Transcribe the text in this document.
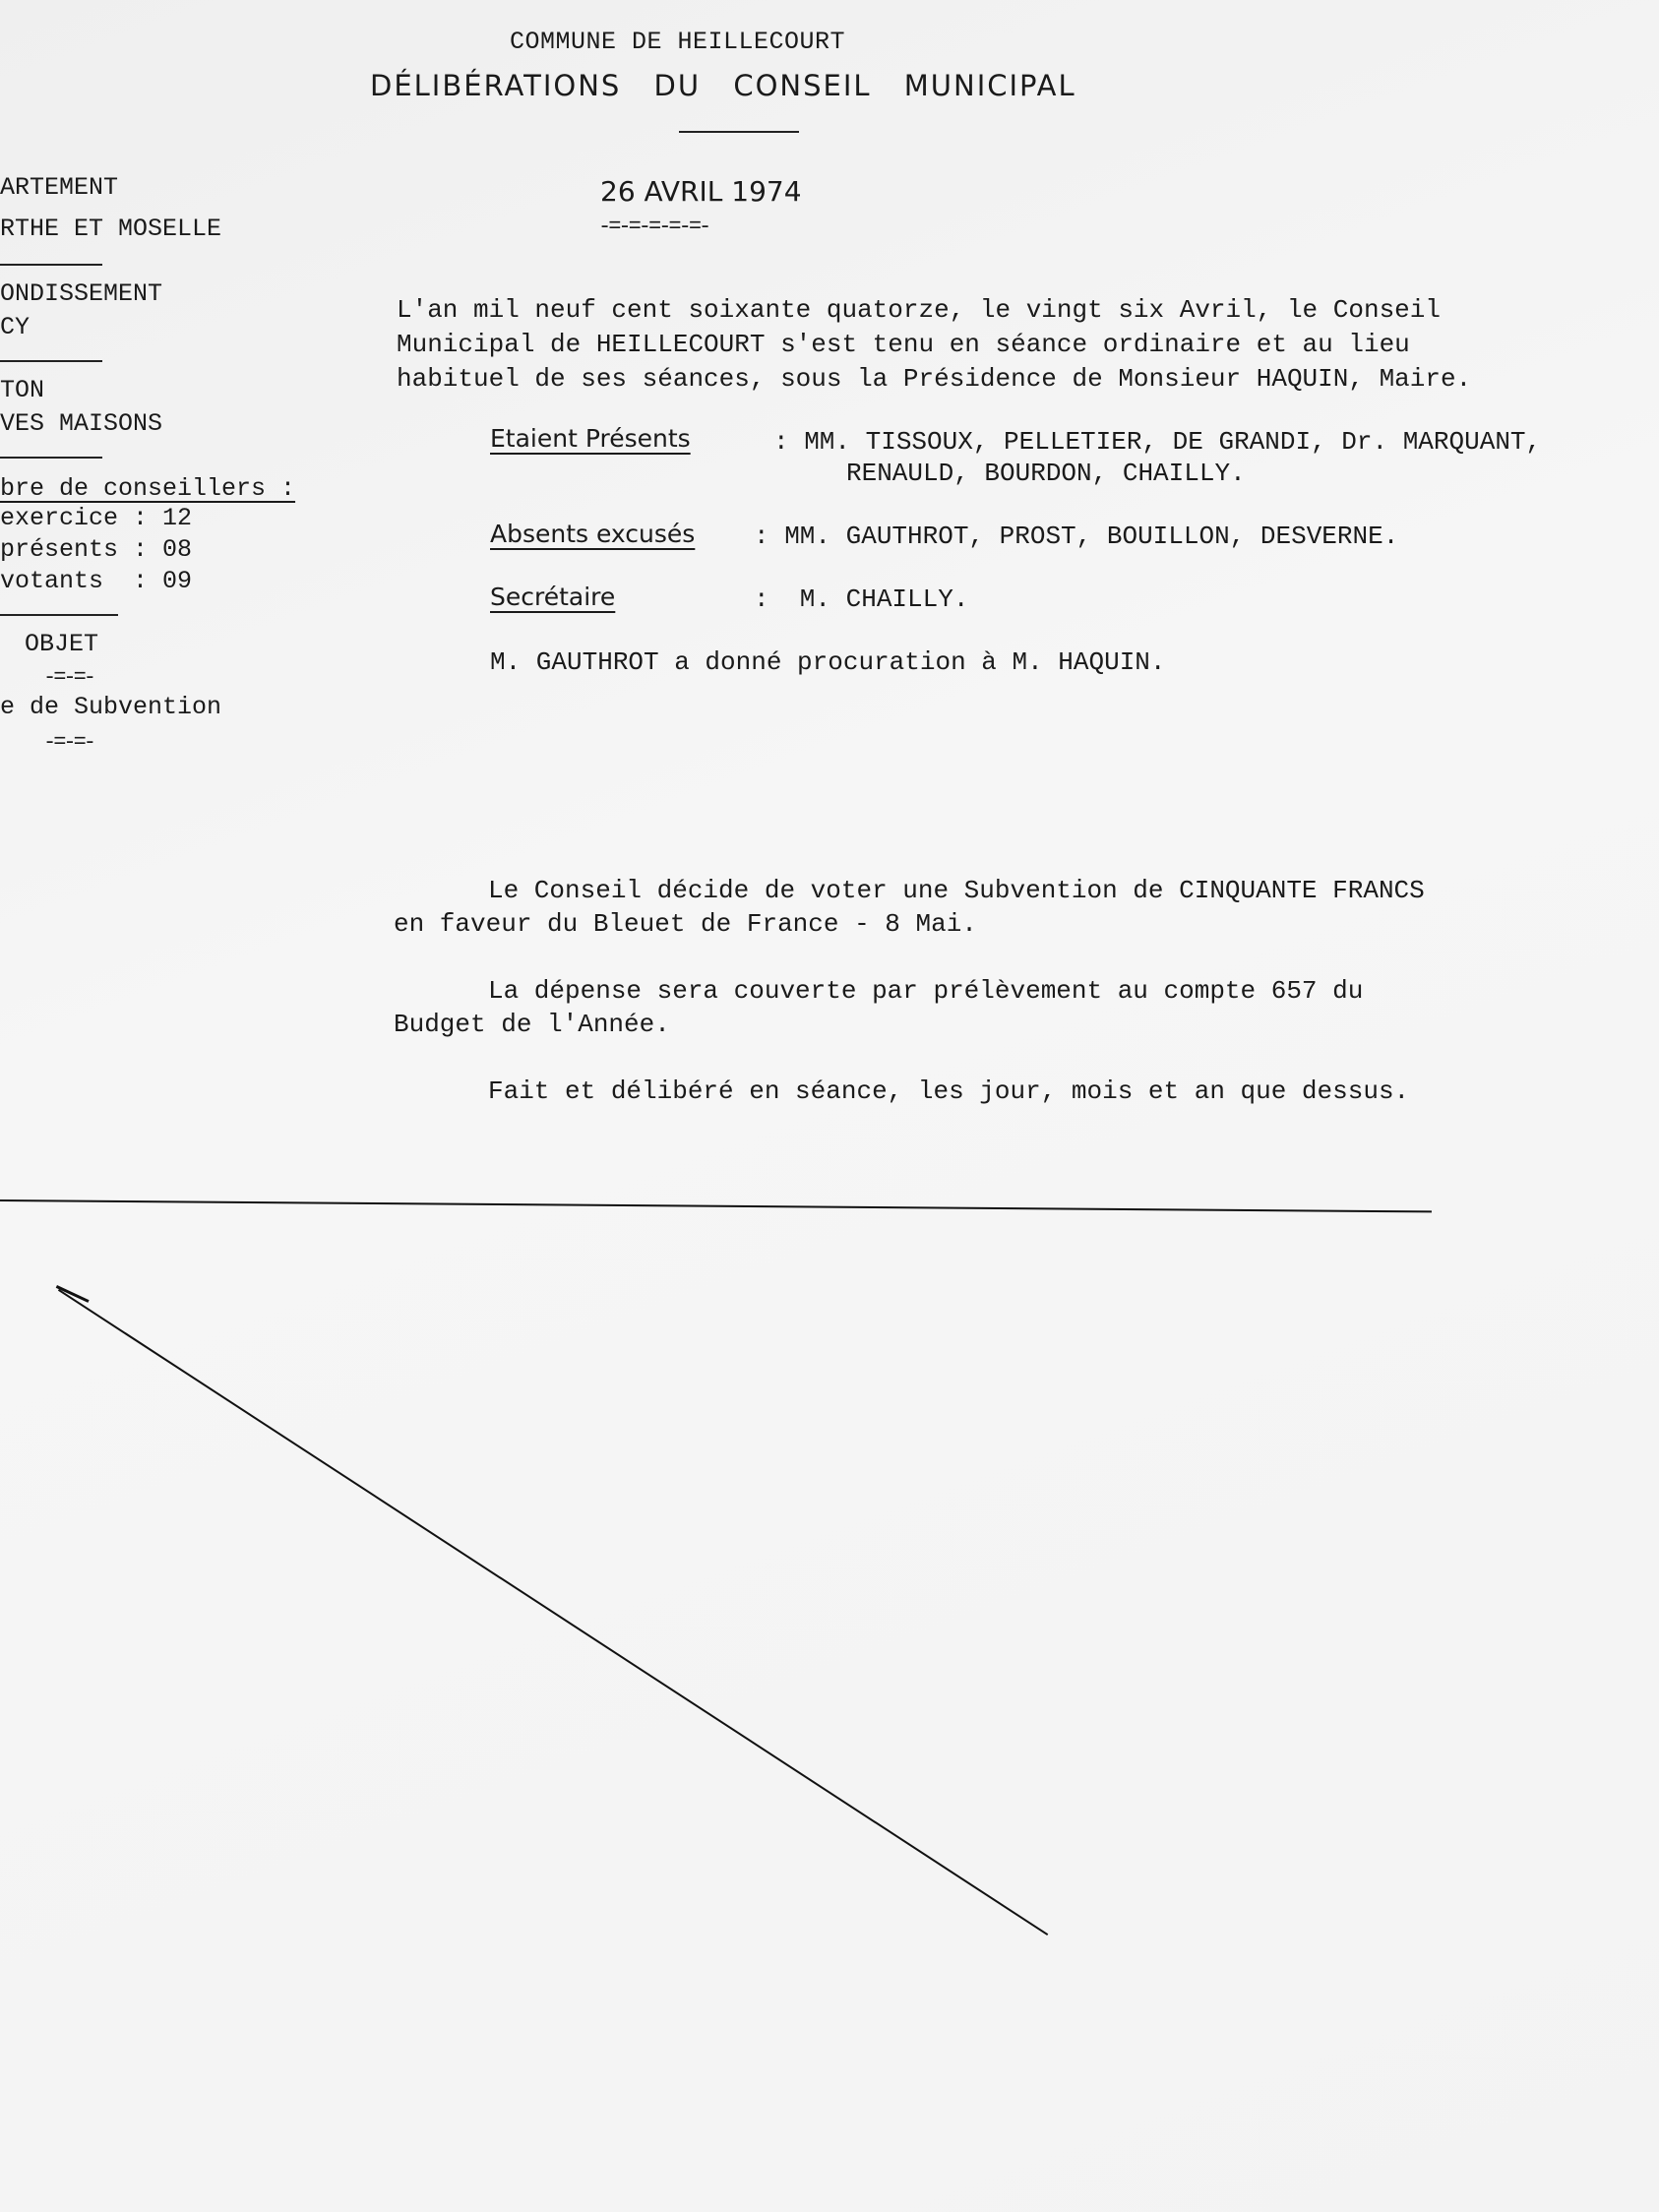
COMMUNE DE HEILLECOURT
DÉLIBÉRATIONS DU CONSEIL MUNICIPAL
26 AVRIL 1974
-=-=-=-=-=-
ARTEMENT
RTHE ET MOSELLE
ONDISSEMENT
CY
TON
VES MAISONS
bre de conseillers :
exercice : 12
présents : 08
votants  : 09
OBJET
-=-=-
e de Subvention
-=-=-
L'an mil neuf cent soixante quatorze, le vingt six Avril, le Conseil
Municipal de HEILLECOURT s'est tenu en séance ordinaire et au lieu
habituel de ses séances, sous la Présidence de Monsieur HAQUIN, Maire.
Etaient Présents	: MM. TISSOUX, PELLETIER, DE GRANDI, Dr. MARQUANT,
RENAULD, BOURDON, CHAILLY.
Absents excusés : MM. GAUTHROT, PROST, BOUILLON, DESVERNE.
Secrétaire	:  M. CHAILLY.
M. GAUTHROT a donné procuration à M. HAQUIN.
Le Conseil décide de voter une Subvention de CINQUANTE FRANCS
en faveur du Bleuet de France - 8 Mai.
La dépense sera couverte par prélèvement au compte 657 du
Budget de l'Année.
Fait et délibéré en séance, les jour, mois et an que dessus.
